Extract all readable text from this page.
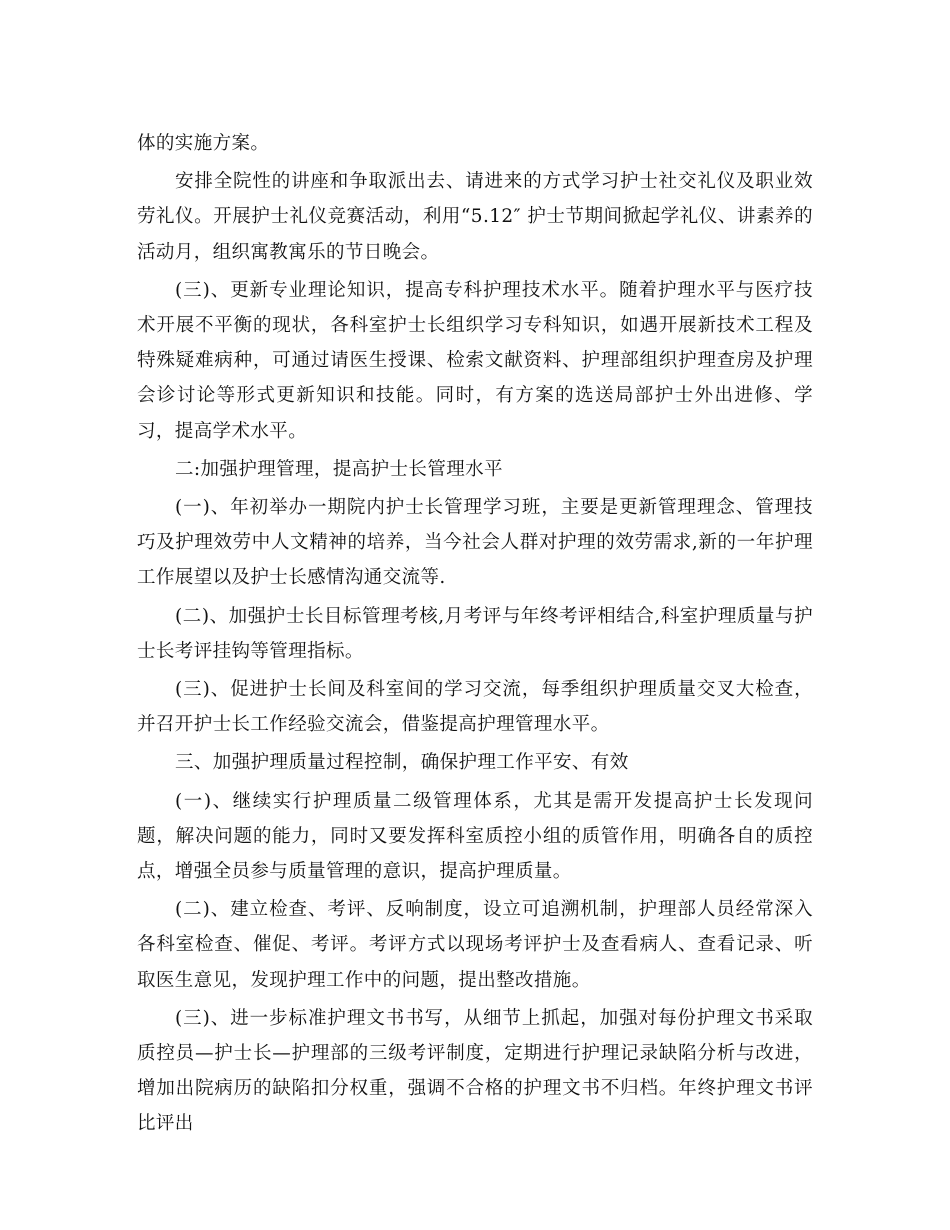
体的实施方案。

安排全院性的讲座和争取派出去、请进来的方式学习护士社交礼仪及职业效劳礼仪。开展护士礼仪竞赛活动，利用“5.12″ 护士节期间掀起学礼仪、讲素养的活动月，组织寓教寓乐的节日晚会。

(三)、更新专业理论知识，提高专科护理技术水平。随着护理水平与医疗技术开展不平衡的现状，各科室护士长组织学习专科知识，如遇开展新技术工程及特殊疑难病种，可通过请医生授课、检索文献资料、护理部组织护理查房及护理会诊讨论等形式更新知识和技能。同时，有方案的选送局部护士外出进修、学习，提高学术水平。

二:加强护理管理，提高护士长管理水平

(一)、年初举办一期院内护士长管理学习班，主要是更新管理理念、管理技巧及护理效劳中人文精神的培养，当今社会人群对护理的效劳需求,新的一年护理工作展望以及护士长感情沟通交流等.

(二)、加强护士长目标管理考核,月考评与年终考评相结合,科室护理质量与护士长考评挂钩等管理指标。

(三)、促进护士长间及科室间的学习交流，每季组织护理质量交叉大检查，并召开护士长工作经验交流会，借鉴提高护理管理水平。

三、加强护理质量过程控制，确保护理工作平安、有效

(一)、继续实行护理质量二级管理体系，尤其是需开发提高护士长发现问题，解决问题的能力，同时又要发挥科室质控小组的质管作用，明确各自的质控点，增强全员参与质量管理的意识，提高护理质量。

(二)、建立检查、考评、反响制度，设立可追溯机制，护理部人员经常深入各科室检查、催促、考评。考评方式以现场考评护士及查看病人、查看记录、听取医生意见，发现护理工作中的问题，提出整改措施。

(三)、进一步标准护理文书书写，从细节上抓起，加强对每份护理文书采取质控员—护士长—护理部的三级考评制度，定期进行护理记录缺陷分析与改进，增加出院病历的缺陷扣分权重，强调不合格的护理文书不归档。年终护理文书评比评出
